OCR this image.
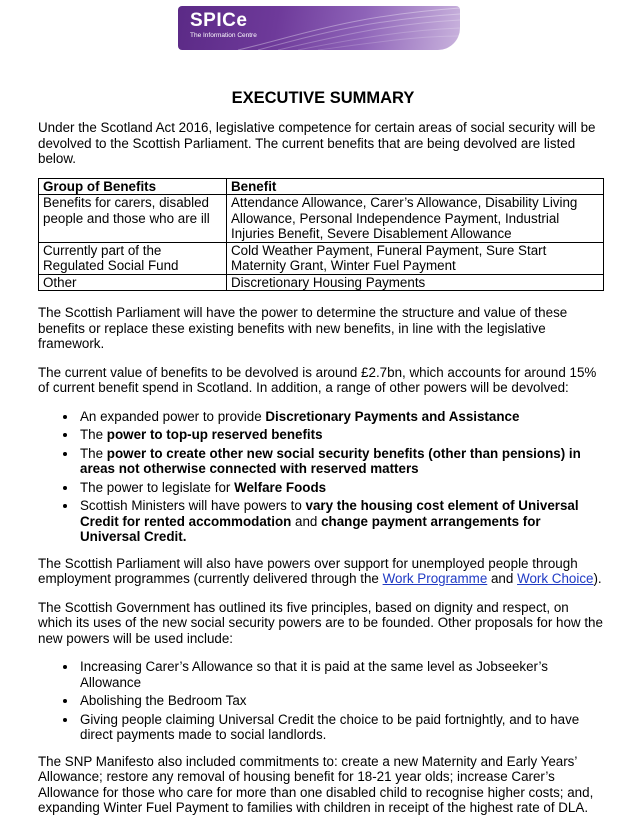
SPICe
The Information Centre
EXECUTIVE SUMMARY

Under the Scotland Act 2016, legislative competence for certain areas of social security will be devolved to the Scottish Parliament. The current benefits that are being devolved are listed below.

Group of Benefits	Benefit
Benefits for carers, disabled people and those who are ill	Attendance Allowance, Carer’s Allowance, Disability Living Allowance, Personal Independence Payment, Industrial Injuries Benefit, Severe Disablement Allowance
Currently part of the Regulated Social Fund	Cold Weather Payment, Funeral Payment, Sure Start Maternity Grant, Winter Fuel Payment
Other	Discretionary Housing Payments

The Scottish Parliament will have the power to determine the structure and value of these benefits or replace these existing benefits with new benefits, in line with the legislative framework.

The current value of benefits to be devolved is around £2.7bn, which accounts for around 15% of current benefit spend in Scotland. In addition, a range of other powers will be devolved:

• An expanded power to provide Discretionary Payments and Assistance
• The power to top-up reserved benefits
• The power to create other new social security benefits (other than pensions) in areas not otherwise connected with reserved matters
• The power to legislate for Welfare Foods
• Scottish Ministers will have powers to vary the housing cost element of Universal Credit for rented accommodation and change payment arrangements for Universal Credit.

The Scottish Parliament will also have powers over support for unemployed people through employment programmes (currently delivered through the Work Programme and Work Choice).

The Scottish Government has outlined its five principles, based on dignity and respect, on which its uses of the new social security powers are to be founded. Other proposals for how the new powers will be used include:

• Increasing Carer’s Allowance so that it is paid at the same level as Jobseeker’s Allowance
• Abolishing the Bedroom Tax
• Giving people claiming Universal Credit the choice to be paid fortnightly, and to have direct payments made to social landlords.

The SNP Manifesto also included commitments to: create a new Maternity and Early Years’ Allowance; restore any removal of housing benefit for 18-21 year olds; increase Carer’s Allowance for those who care for more than one disabled child to recognise higher costs; and, expanding Winter Fuel Payment to families with children in receipt of the highest rate of DLA.
